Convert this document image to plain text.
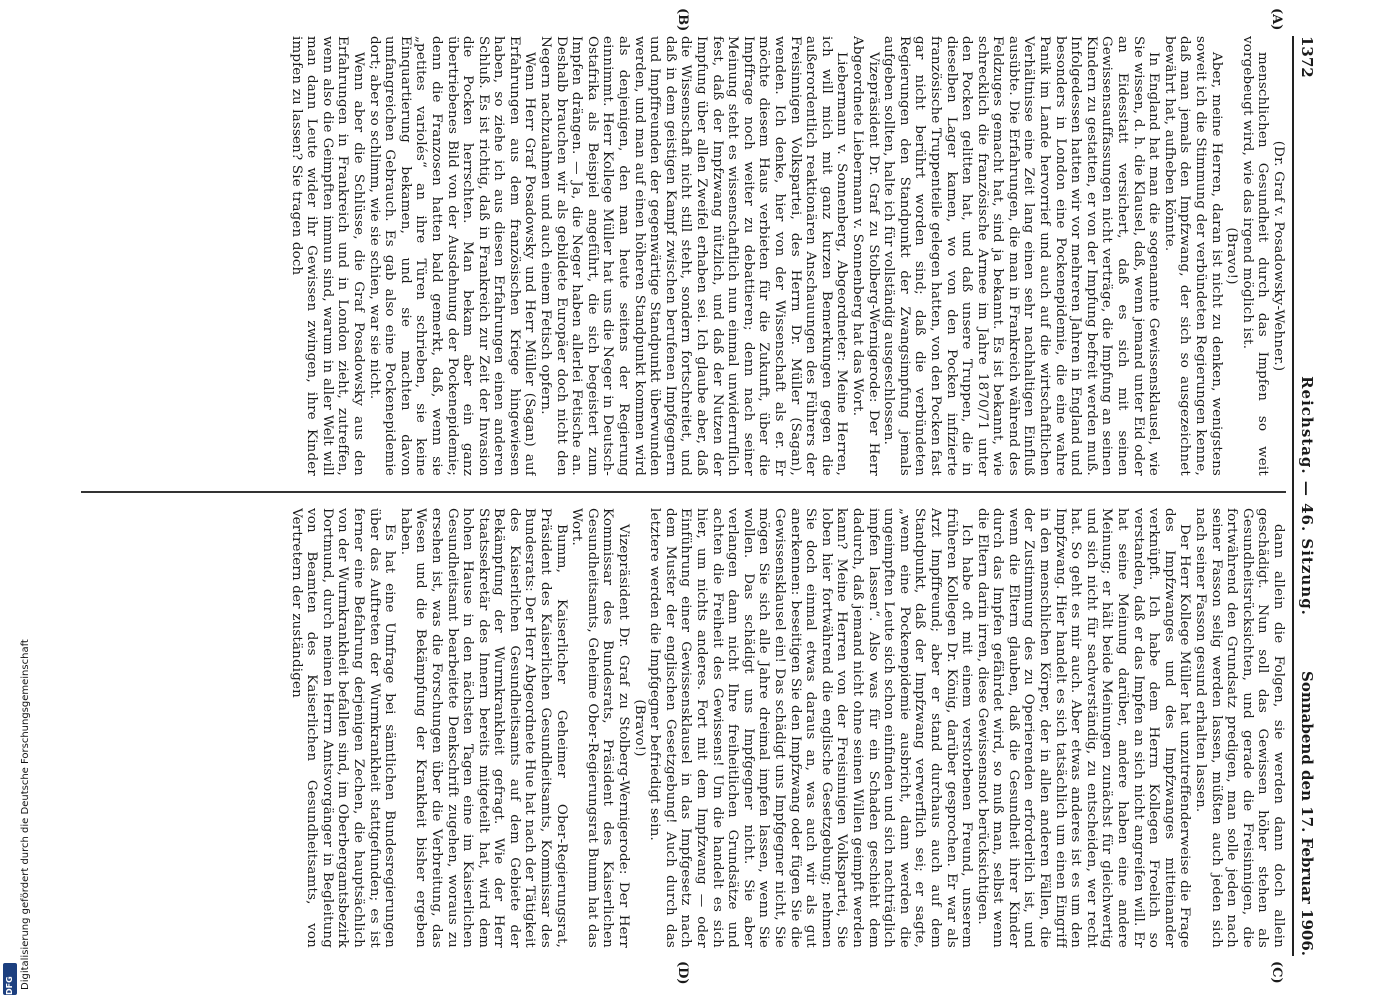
1372
Reichstag. — 46. Sitzung.
Sonnabend den 17. Februar 1906.

(Dr. Graf v. Posadowsky-Wehner.)

menschlichen Gesundheit durch das Impfen so weit vorgebeugt wird, wie das irgend möglich ist.

(Bravo!)

Aber, meine Herren, daran ist nicht zu denken, wenigstens soweit ich die Stimmung der verbündeten Regierungen kenne, daß man jemals den Impfzwang, der sich so ausgezeichnet bewährt hat, aufheben könnte.

In England hat man die sogenannte Gewissensklausel, wie Sie wissen, d. h. die Klausel, daß, wenn jemand unter Eid oder an Eidesstatt versichert, daß es sich mit seinen Gewissensauffassungen nicht verträge, die Impfung an seinen Kindern zu gestatten, er von der Impfung befreit werden muß. Infolgedessen hatten wir vor mehreren Jahren in England und besonders in London eine Pockenepidemie, die eine wahre Panik im Lande hervorrief und auch auf die wirtschaftlichen Verhältnisse eine Zeit lang einen sehr nachhaltigen Einfluß ausübte. Die Erfahrungen, die man in Frankreich während des Feldzuges gemacht hat, sind ja bekannt. Es ist bekannt, wie schrecklich die französische Armee im Jahre 1870/71 unter den Pocken gelitten hat, und daß unsere Truppen, die in dieselben Lager kamen, wo von den Pocken infizierte französische Truppenteile gelegen hatten, von den Pocken fast gar nicht berührt worden sind; daß die verbündeten Regierungen den Standpunkt der Zwangsimpfung jemals aufgeben sollten, halte ich für vollständig ausgeschlossen.

Vizepräsident Dr. Graf zu Stolberg-Wernigerode: Der Herr Abgeordnete Liebermann v. Sonnenberg hat das Wort.

Liebermann v. Sonnenberg, Abgeordneter: Meine Herren, ich will mich mit ganz kurzen Bemerkungen gegen die außerordentlich reaktionären Anschauungen des Führers der Freisinnigen Volkspartei, des Herrn Dr. Müller (Sagan), wenden. Ich denke, hier von der Wissenschaft als er. Er möchte diesem Haus verbieten für die Zukunft, über die Impffrage noch weiter zu debattieren; denn nach seiner Meinung steht es wissenschaftlich nun einmal unwiderruflich fest, daß der Impfzwang nützlich, und daß der Nutzen der Impfung über allen Zweifel erhaben sei. Ich glaube aber, daß die Wissenschaft nicht still steht, sondern fortschreitet, und daß in dem geistigen Kampf zwischen berufenen Impfgegnern und Impffreunden der gegenwärtige Standpunkt überwunden werden, und man auf einen höheren Standpunkt kommen wird als denjenigen, den man heute seitens der Regierung einnimmt. Herr Kollege Müller hat uns die Neger in Deutsch-Ostafrika als Beispiel angeführt, die sich begeistert zum Impfen drängen. — Ja, die Neger haben allerlei Fetische an. Deshalb brauchen wir als gebildete Europäer doch nicht den Negern nachzuahmen und auch einem Fetisch opfern.

Wenn Herr Graf Posadowsky und Herr Müller (Sagan) auf Erfahrungen aus dem französischen Kriege hingewiesen haben, so ziehe ich aus diesen Erfahrungen einen anderen Schluß. Es ist richtig, daß in Frankreich zur Zeit der Invasion die Pocken herrschten. Man bekam aber ein ganz übertriebenes Bild von der Ausdehnung der Pockenepidemie; denn die Franzosen hatten bald gemerkt, daß, wenn sie „petites variolés“ an ihre Türen schrieben, sie keine Einquartierung bekamen, und sie machten davon umfangreichen Gebrauch. Es gab also eine Pockenepidemie dort; aber so schlimm, wie sie schien, war sie nicht.

Wenn aber die Schlüsse, die Graf Posadowsky aus den Erfahrungen in Frankreich und in London zieht, zutreffen, wenn also die Geimpften immun sind, warum in aller Welt will man dann Leute wider ihr Gewissen zwingen, ihre Kinder impfen zu lassen? Sie tragen doch

dann allein die Folgen, sie werden dann doch allein geschädigt. Nun soll das Gewissen höher stehen als Gesundheitsrücksichten, und gerade die Freisinnigen, die fortwährend den Grundsatz predigen, man solle jeden nach seiner Fasson selig werden lassen, müßten auch jeden sich nach seiner Fasson gesund erhalten lassen.

Der Herr Kollege Müller hat unzutreffenderweise die Frage des Impfzwanges und des Impfzwanges mitteinander verknüpft. Ich habe dem Herrn Kollegen Froelich so verstanden, daß er das Impfen an sich nicht angreifen will. Er hat seine Meinung darüber, andere haben eine andere Meinung; er hält beide Meinungen zunächst für gleichwertig und sich nicht für sachverständig, zu entscheiden, wer recht hat. So geht es mir auch. Aber etwas anderes ist es um den Impfzwang. Hier handelt es sich tatsächlich um einen Eingriff in den menschlichen Körper, der in allen anderen Fällen, die der Zustimmung des zu Operierenden erforderlich ist, und wenn die Eltern glauben, daß die Gesundheit ihrer Kinder durch das Impfen gefährdet wird, so muß man, selbst wenn die Eltern darin irren, diese Gewissensnot berücksichtigen.

Ich habe oft mit einem verstorbenen Freund, unserem früheren Kollegen Dr. König, darüber gesprochen. Er war als Arzt Impffreund; aber er stand durchaus auch auf dem Standpunkt, daß der Impfzwang verwerflich sei; er sagte, „wenn eine Pockenepidemie ausbricht, dann werden die ungeimpften Leute sich schon einfinden und sich nachträglich impfen lassen“. Also was für ein Schaden geschieht dem dadurch, daß jemand nicht ohne seinen Willen geimpft werden kann? Meine Herren von der Freisinnigen Volkspartei, Sie loben hier fortwährend die englische Gesetzgebung; nehmen Sie doch einmal etwas daraus an, was auch wir als gut anerkennen: beseitigen Sie den Impfzwang oder fügen Sie die Gewissensklausel ein! Das schädigt uns Impfgegner nicht, Sie mögen Sie sich alle Jahre dreimal impfen lassen, wenn Sie wollen. Das schädigt uns Impfgegner nicht. Sie aber verlangen dann nicht Ihre freiheitlichen Grundsätze und achten die Freiheit des Gewissens! Um die handelt es sich hier, um nichts anderes. Fort mit dem Impfzwang — oder Einführung einer Gewissensklausel in das Impfgesetz nach dem Muster der englischen Gesetzgebung! Auch durch das letztere werden die Impfgegner befriedigt sein.

(Bravo!)

Vizepräsident Dr. Graf zu Stolberg-Wernigerode: Der Herr Kommissar des Bundesrats, Präsident des Kaiserlichen Gesundheitsamts, Geheime Ober-Regierungsrat Bumm hat das Wort.

Bumm, Kaiserlicher Geheimer Ober-Regierungsrat, Präsident des Kaiserlichen Gesundheitsamts, Kommissar des Bundesrats: Der Herr Abgeordnete Hue hat nach der Tätigkeit des Kaiserlichen Gesundheitsamts auf dem Gebiete der Bekämpfung der Wurmkrankheit gefragt. Wie der Herr Staatssekretär des Innern bereits mitgeteilt hat, wird dem hohen Hause in den nächsten Tagen eine im Kaiserlichen Gesundheitsamt bearbeitete Denkschrift zugehen, woraus zu ersehen ist, was die Forschungen über die Verbreitung, das Wesen und die Bekämpfung der Krankheit bisher ergeben haben.

Es hat eine Umfrage bei sämtlichen Bundesregierungen über das Auftreten der Wurmkrankheit stattgefunden; es ist ferner eine Befahrung derjenigen Zechen, die hauptsächlich von der Wurmkrankheit befallen sind, im Oberbergamtsbezirk Dortmund, durch meinen Herrn Amtsvorgänger in Begleitung von Beamten des Kaiserlichen Gesundheitsamts, von Vertretern der zuständigen

(A)
(B)
(C)
(D)
Digitalisierung gefördert durch die Deutsche Forschungsgemeinschaft
DFG
